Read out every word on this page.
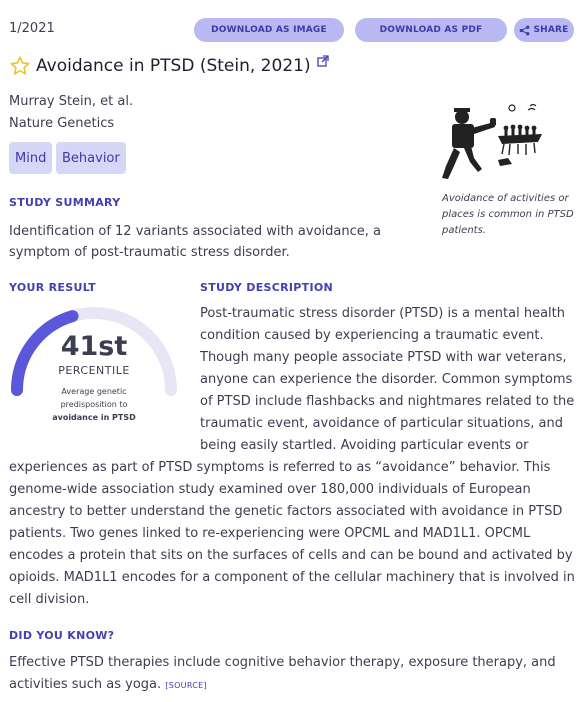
1/2021	DOWNLOAD AS IMAGE	DOWNLOAD AS PDF	SHARE
Avoidance in PTSD (Stein, 2021)
Murray Stein, et al.
Nature Genetics
Mind	Behavior
Avoidance of activities or places is common in PTSD patients.
STUDY SUMMARY
Identification of 12 variants associated with avoidance, a symptom of post-traumatic stress disorder.
YOUR RESULT	STUDY DESCRIPTION
41st
PERCENTILE
Average genetic predisposition to avoidance in PTSD
Post-traumatic stress disorder (PTSD) is a mental health condition caused by experiencing a traumatic event. Though many people associate PTSD with war veterans, anyone can experience the disorder. Common symptoms of PTSD include flashbacks and nightmares related to the traumatic event, avoidance of particular situations, and being easily startled. Avoiding particular events or experiences as part of PTSD symptoms is referred to as “avoidance” behavior. This genome-wide association study examined over 180,000 individuals of European ancestry to better understand the genetic factors associated with avoidance in PTSD patients. Two genes linked to re-experiencing were OPCML and MAD1L1. OPCML encodes a protein that sits on the surfaces of cells and can be bound and activated by opioids. MAD1L1 encodes for a component of the cellular machinery that is involved in cell division.
DID YOU KNOW?
Effective PTSD therapies include cognitive behavior therapy, exposure therapy, and activities such as yoga. [SOURCE]
